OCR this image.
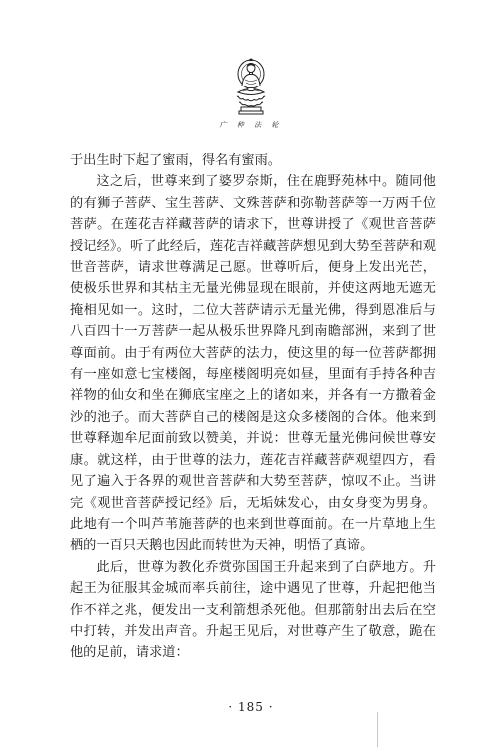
广 种 法 轮

于出生时下起了蜜雨，得名有蜜雨。

这之后，世尊来到了婆罗奈斯，住在鹿野苑林中。随同他的有狮子菩萨、宝生菩萨、文殊菩萨和弥勒菩萨等一万两千位菩萨。在莲花吉祥藏菩萨的请求下，世尊讲授了《观世音菩萨授记经》。听了此经后，莲花吉祥藏菩萨想见到大势至菩萨和观世音菩萨，请求世尊满足己愿。世尊听后，便身上发出光芒，使极乐世界和其枯主无量光佛显现在眼前，并使这两地无遮无掩相见如一。这时，二位大菩萨请示无量光佛，得到恩准后与八百四十一万菩萨一起从极乐世界降凡到南瞻部洲，来到了世尊面前。由于有两位大菩萨的法力，使这里的每一位菩萨都拥有一座如意七宝楼阁，每座楼阁明亮如昼，里面有手持各种吉祥物的仙女和坐在狮底宝座之上的诸如来，并各有一方撒着金沙的池子。而大菩萨自己的楼阁是这众多楼阁的合体。他来到世尊释迦牟尼面前致以赞美，并说：世尊无量光佛问候世尊安康。就这样，由于世尊的法力，莲花吉祥藏菩萨观望四方，看见了遍入于各界的观世音菩萨和大势至菩萨，惊叹不止。当讲完《观世音菩萨授记经》后，无垢妹发心，由女身变为男身。此地有一个叫芦苇施菩萨的也来到世尊面前。在一片草地上生栖的一百只天鹅也因此而转世为天神，明悟了真谛。

此后，世尊为教化乔赏弥国国王升起来到了白萨地方。升起王为征服其金城而率兵前往，途中遇见了世尊，升起把他当作不祥之兆，便发出一支利箭想杀死他。但那箭射出去后在空中打转，并发出声音。升起王见后，对世尊产生了敬意，跪在他的足前，请求道：

· 185 ·
